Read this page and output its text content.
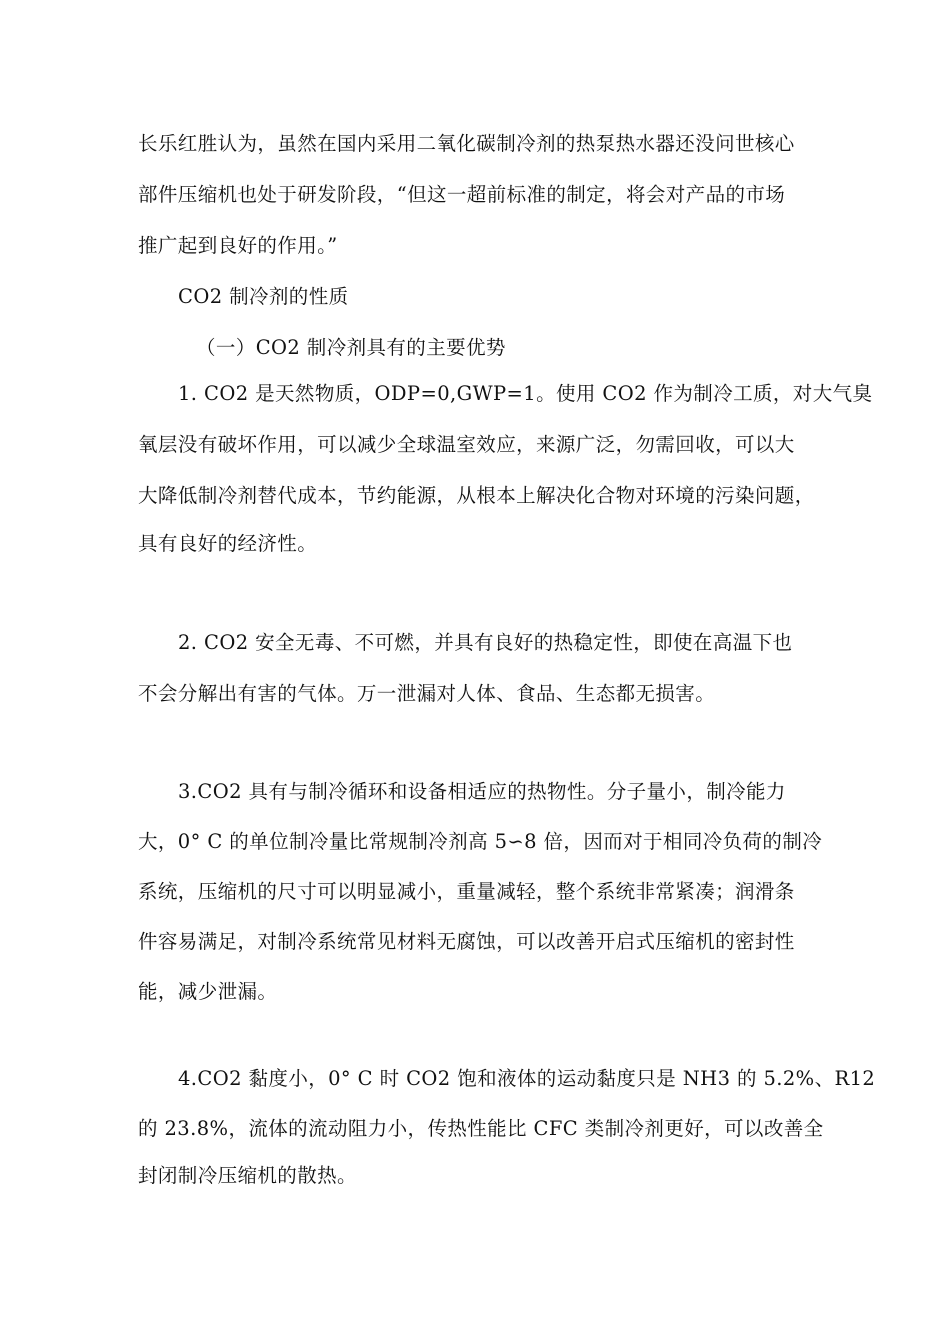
长乐红胜认为，虽然在国内采用二氧化碳制冷剂的热泵热水器还没问世核心
部件压缩机也处于研发阶段，“但这一超前标准的制定，将会对产品的市场
推广起到良好的作用。”
CO2 制冷剂的性质
（一）CO2 制冷剂具有的主要优势
1. CO2 是天然物质，ODP=0,GWP=1。使用 CO2 作为制冷工质，对大气臭
氧层没有破坏作用，可以减少全球温室效应，来源广泛，勿需回收，可以大
大降低制冷剂替代成本，节约能源，从根本上解决化合物对环境的污染问题，
具有良好的经济性。
2. CO2 安全无毒、不可燃，并具有良好的热稳定性，即使在高温下也
不会分解出有害的气体。万一泄漏对人体、食品、生态都无损害。
3.CO2 具有与制冷循环和设备相适应的热物性。分子量小，制冷能力
大，0° C 的单位制冷量比常规制冷剂高 5∽8 倍，因而对于相同冷负荷的制冷
系统，压缩机的尺寸可以明显减小，重量减轻，整个系统非常紧凑；润滑条
件容易满足，对制冷系统常见材料无腐蚀，可以改善开启式压缩机的密封性
能，减少泄漏。
4.CO2 黏度小，0° C 时 CO2 饱和液体的运动黏度只是 NH3 的 5.2%、R12
的 23.8%，流体的流动阻力小，传热性能比 CFC 类制冷剂更好，可以改善全
封闭制冷压缩机的散热。
